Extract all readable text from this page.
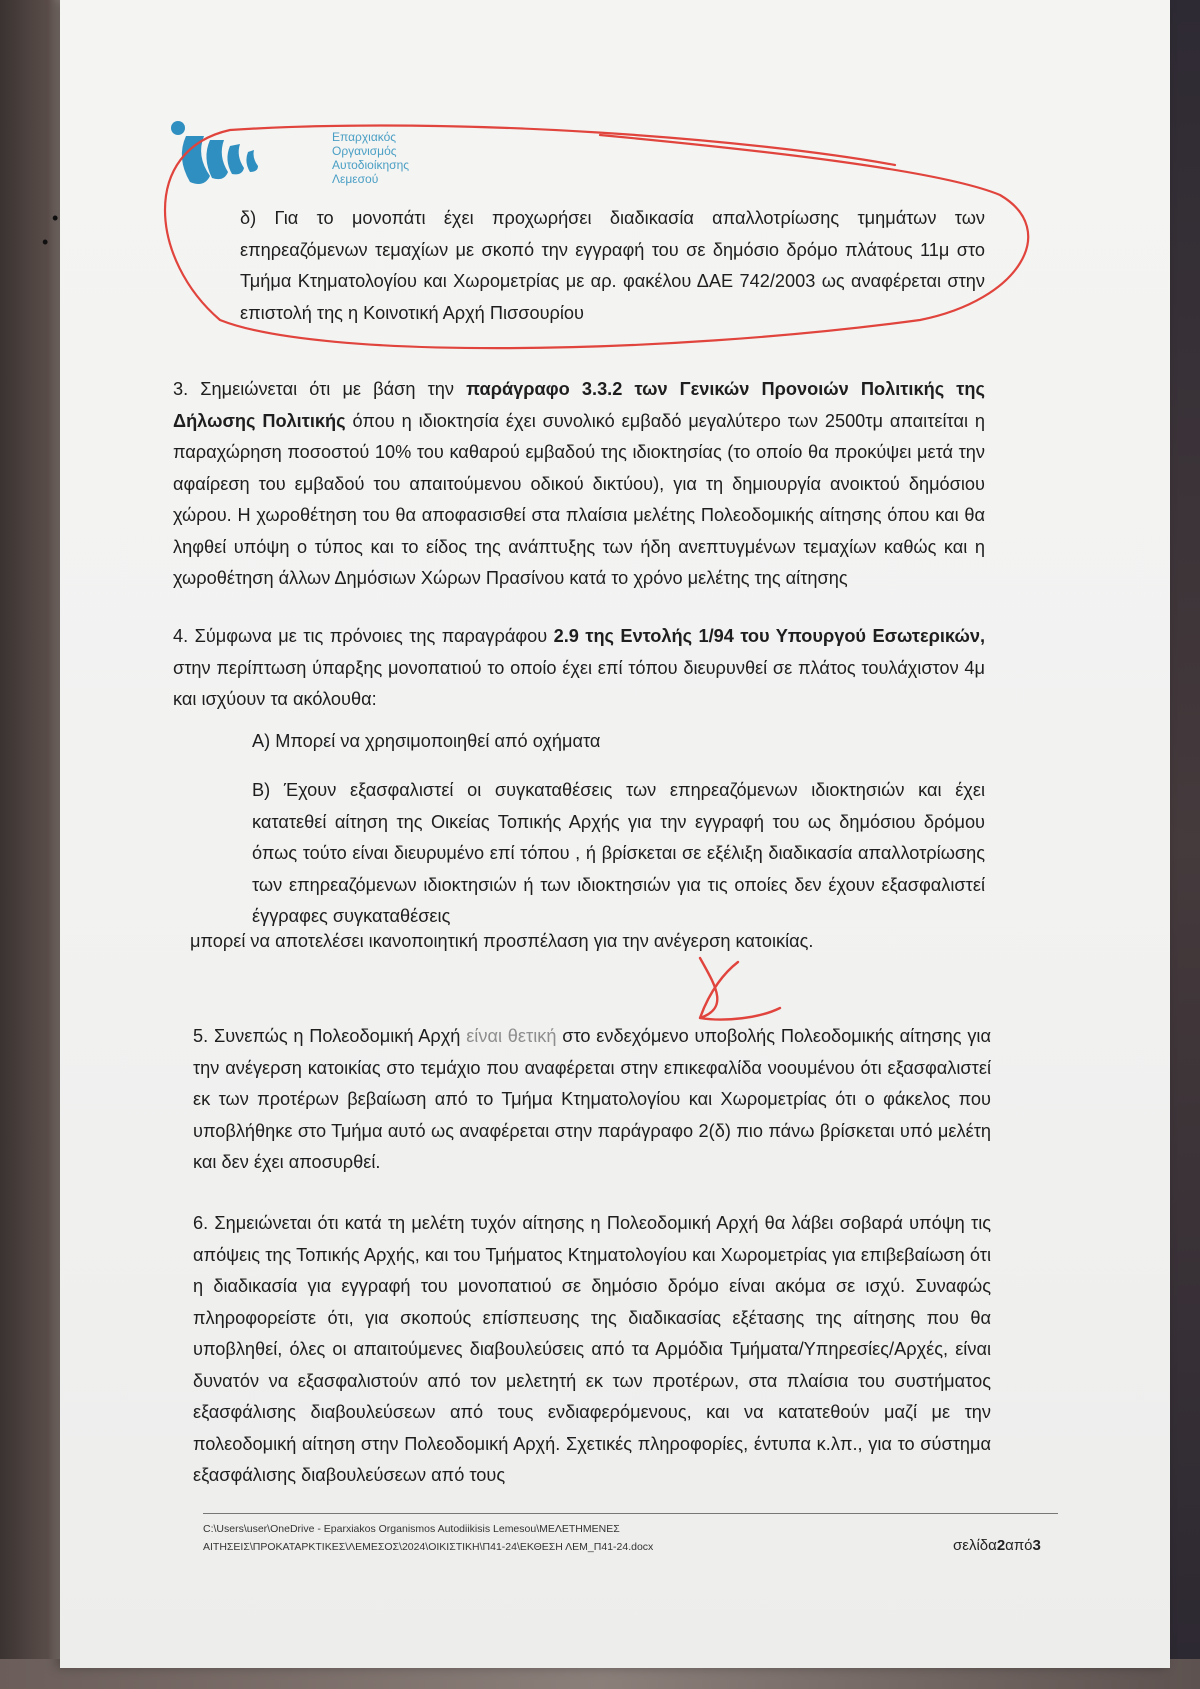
•
•
Επαρχιακός
Οργανισμός
Αυτοδιοίκησης
Λεμεσού

δ) Για το μονοπάτι έχει προχωρήσει διαδικασία απαλλοτρίωσης τμημάτων των επηρεαζόμενων τεμαχίων με σκοπό την εγγραφή του σε δημόσιο δρόμο πλάτους 11μ στο Τμήμα Κτηματολογίου και Χωρομετρίας με αρ. φακέλου ΔΑΕ 742/2003 ως αναφέρεται στην επιστολή της η Κοινοτική Αρχή Πισσουρίου

3. Σημειώνεται ότι με βάση την παράγραφο 3.3.2 των Γενικών Προνοιών Πολιτικής της Δήλωσης Πολιτικής όπου η ιδιοκτησία έχει συνολικό εμβαδό μεγαλύτερο των 2500τμ απαιτείται η παραχώρηση ποσοστού 10% του καθαρού εμβαδού της ιδιοκτησίας (το οποίο θα προκύψει μετά την αφαίρεση του εμβαδού του απαιτούμενου οδικού δικτύου), για τη δημιουργία ανοικτού δημόσιου χώρου. Η χωροθέτηση του θα αποφασισθεί στα πλαίσια μελέτης Πολεοδομικής αίτησης όπου και θα ληφθεί υπόψη ο τύπος και το είδος της ανάπτυξης των ήδη ανεπτυγμένων τεμαχίων καθώς και η χωροθέτηση άλλων Δημόσιων Χώρων Πρασίνου κατά το χρόνο μελέτης της αίτησης

4. Σύμφωνα με τις πρόνοιες της παραγράφου 2.9 της Εντολής 1/94 του Υπουργού Εσωτερικών, στην περίπτωση ύπαρξης μονοπατιού το οποίο έχει επί τόπου διευρυνθεί σε πλάτος τουλάχιστον 4μ και ισχύουν τα ακόλουθα:

Α) Μπορεί να χρησιμοποιηθεί από οχήματα

Β) Έχουν εξασφαλιστεί οι συγκαταθέσεις των επηρεαζόμενων ιδιοκτησιών και έχει κατατεθεί αίτηση της Οικείας Τοπικής Αρχής για την εγγραφή του ως δημόσιου δρόμου όπως τούτο είναι διευρυμένο επί τόπου , ή βρίσκεται σε εξέλιξη διαδικασία απαλλοτρίωσης των επηρεαζόμενων ιδιοκτησιών ή των ιδιοκτησιών για τις οποίες δεν έχουν εξασφαλιστεί έγγραφες συγκαταθέσεις

μπορεί να αποτελέσει ικανοποιητική προσπέλαση για την ανέγερση κατοικίας.

5. Συνεπώς η Πολεοδομική Αρχή είναι θετική στο ενδεχόμενο υποβολής Πολεοδομικής αίτησης για την ανέγερση κατοικίας στο τεμάχιο που αναφέρεται στην επικεφαλίδα νοουμένου ότι εξασφαλιστεί εκ των προτέρων βεβαίωση από το Τμήμα Κτηματολογίου και Χωρομετρίας ότι ο φάκελος που υποβλήθηκε στο Τμήμα αυτό ως αναφέρεται στην παράγραφο 2(δ) πιο πάνω βρίσκεται υπό μελέτη και δεν έχει αποσυρθεί.

6. Σημειώνεται ότι κατά τη μελέτη τυχόν αίτησης η Πολεοδομική Αρχή θα λάβει σοβαρά υπόψη τις απόψεις της Τοπικής Αρχής, και του Τμήματος Κτηματολογίου και Χωρομετρίας για επιβεβαίωση ότι η διαδικασία για εγγραφή του μονοπατιού σε δημόσιο δρόμο είναι ακόμα σε ισχύ. Συναφώς πληροφορείστε ότι, για σκοπούς επίσπευσης της διαδικασίας εξέτασης της αίτησης που θα υποβληθεί, όλες οι απαιτούμενες διαβουλεύσεις από τα Αρμόδια Τμήματα/Υπηρεσίες/Αρχές, είναι δυνατόν να εξασφαλιστούν από τον μελετητή εκ των προτέρων, στα πλαίσια του συστήματος εξασφάλισης διαβουλεύσεων από τους ενδιαφερόμενους, και να κατατεθούν μαζί με την πολεοδομική αίτηση στην Πολεοδομική Αρχή. Σχετικές πληροφορίες, έντυπα κ.λπ., για το σύστημα εξασφάλισης διαβουλεύσεων από τους

C:\Users\user\OneDrive - Eparxiakos Organismos Autodiikisis Lemesou\ΜΕΛΕΤΗΜΕΝΕΣ
ΑΙΤΗΣΕΙΣ\ΠΡΟΚΑΤΑΡΚΤΙΚΕΣ\ΛΕΜΕΣΟΣ\2024\ΟΙΚΙΣΤΙΚΗ\Π41-24\ΕΚΘΕΣΗ ΛΕΜ_Π41-24.docx	σελίδα2από3
